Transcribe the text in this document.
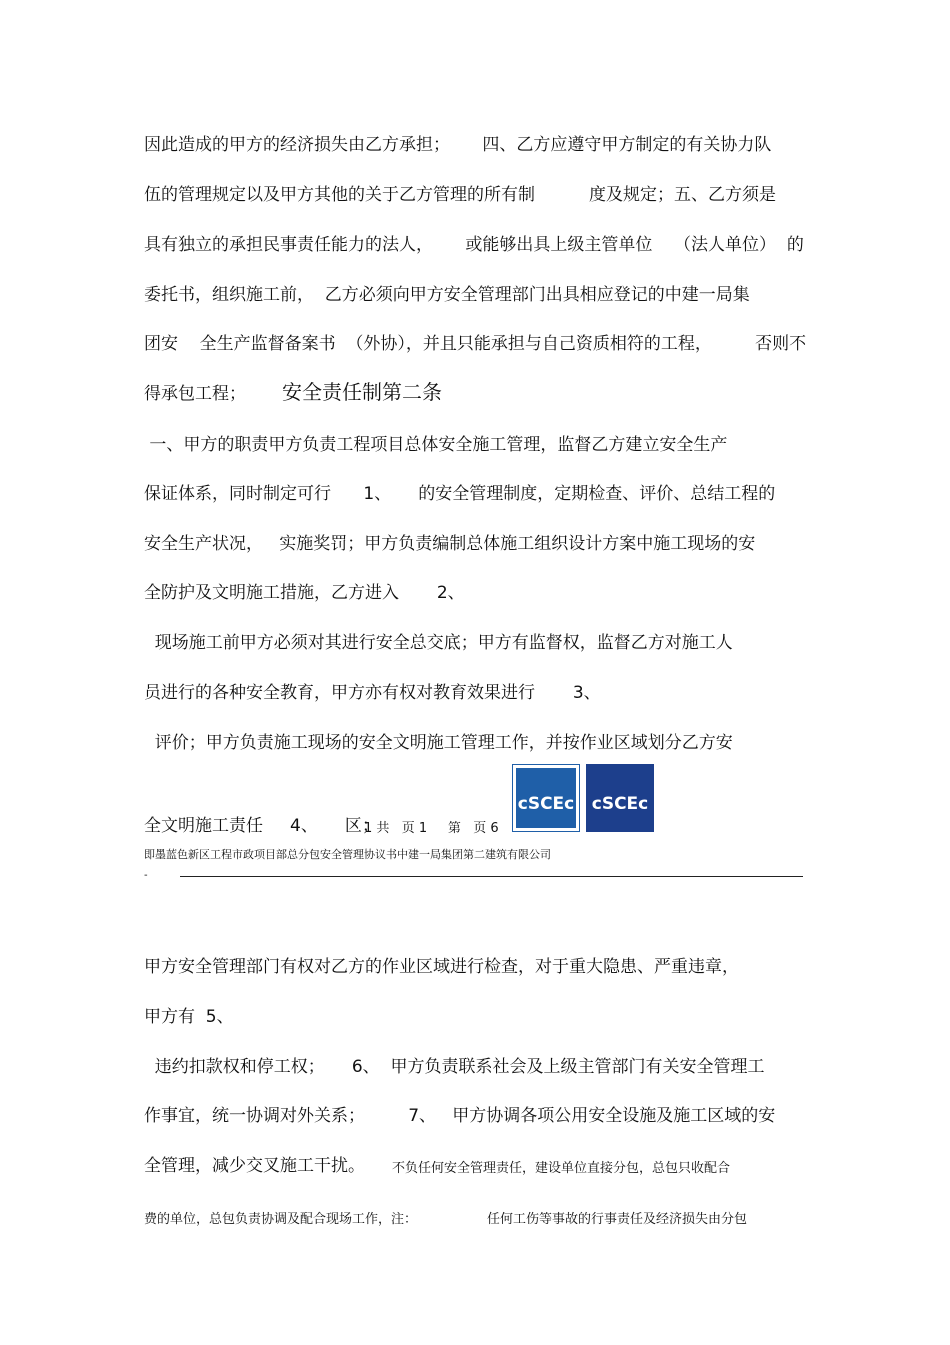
因此造成的甲方的经济损失由乙方承担；      四、乙方应遵守甲方制定的有关协力队
伍的管理规定以及甲方其他的关于乙方管理的所有制          度及规定；五、乙方须是
具有独立的承担民事责任能力的法人，      或能够出具上级主管单位    （法人单位）  的
委托书，组织施工前，  乙方必须向甲方安全管理部门出具相应登记的中建一局集
团安    全生产监督备案书  （外协），并且只能承担与自己资质相符的工程，        否则不
得承包工程； 安全责任制第二条
一、甲方的职责甲方负责工程项目总体安全施工管理，监督乙方建立安全生产
保证体系，同时制定可行      1、     的安全管理制度，定期检查、评价、总结工程的
安全生产状况，   实施奖罚；甲方负责编制总体施工组织设计方案中施工现场的安
全防护及文明施工措施，乙方进入       2、
现场施工前甲方必须对其进行安全总交底；甲方有监督权，监督乙方对施工人
员进行的各种安全教育，甲方亦有权对教育效果进行       3、
评价；甲方负责施工现场的安全文明施工管理工作，并按作业区域划分乙方安
全文明施工责任     4、     区；
1 共   页 1     第   页 6
cSCEc cSCEc
即墨蓝色新区工程市政项目部总分包安全管理协议书中建一局集团第二建筑有限公司
-
甲方安全管理部门有权对乙方的作业区域进行检查，对于重大隐患、严重违章，
甲方有  5、
违约扣款权和停工权；     6、  甲方负责联系社会及上级主管部门有关安全管理工
作事宜，统一协调对外关系；        7、   甲方协调各项公用安全设施及施工区域的安
全管理，减少交叉施工干扰。 不负任何安全管理责任，建设单位直接分包，总包只收配合
费的单位，总包负责协调及配合现场工作，注：	任何工伤等事故的行事责任及经济损失由分包
